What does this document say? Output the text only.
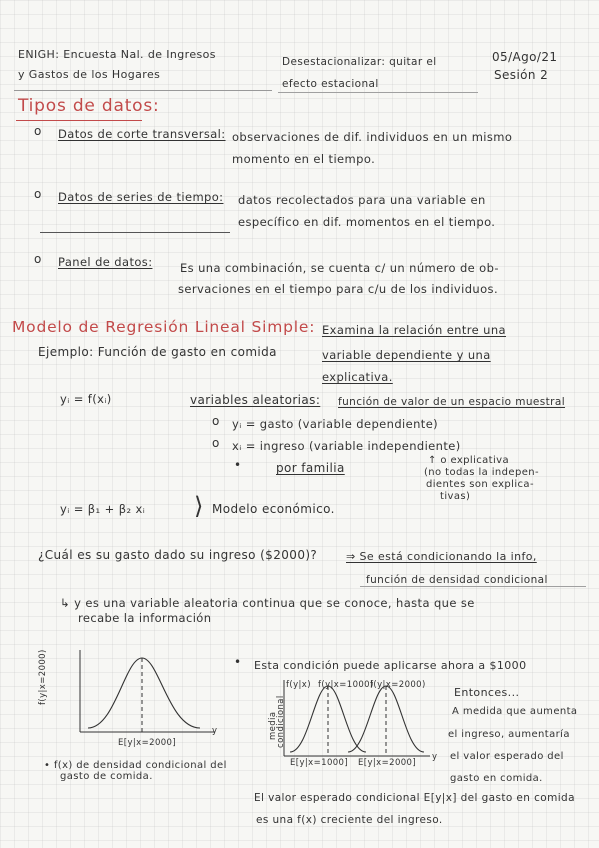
ENIGH: Encuesta Nal. de Ingresos
y Gastos de los Hogares
Desestacionalizar: quitar el
efecto estacional
05/Ago/21
Sesión 2
Tipos de datos:
o Datos de corte transversal: observaciones de dif. individuos en un mismo
momento en el tiempo.
o Datos de series de tiempo: datos recolectados para una variable en
específico en dif. momentos en el tiempo.
o Panel de datos: Es una combinación, se cuenta c/ un número de ob-
servaciones en el tiempo para c/u de los individuos.
Modelo de Regresión Lineal Simple: Examina la relación entre una
variable dependiente y una
explicativa.
Ejemplo: Función de gasto en comida
yᵢ = f(xᵢ)	variables aleatorias: función de valor de un espacio muestral
o yᵢ = gasto (variable dependiente)
o xᵢ = ingreso (variable independiente)
•	por familia
↑ o explicativa
(no todas la indepen-
dientes son explica-
tivas)
yᵢ = β₁ + β₂ xᵢ ⟩ Modelo económico.
¿Cuál es su gasto dado su ingreso ($2000)?	⇒ Se está condicionando la info,
función de densidad condicional
↳ y es una variable aleatoria continua que se conoce, hasta que se
recabe la información
f(y|x=2000)
E[y|x=2000]
y
• f(x) de densidad condicional del
gasto de comida.
f(y|x) f(y|x=1000)
f(y|x=2000)
media
condicional
E[y|x=1000] E[y|x=2000]
y
• Esta condición puede aplicarse ahora a $1000
Entonces...
A medida que aumenta
el ingreso, aumentaría
el valor esperado del
gasto en comida.
El valor esperado condicional E[y|x] del gasto en comida
es una f(x) creciente del ingreso.
